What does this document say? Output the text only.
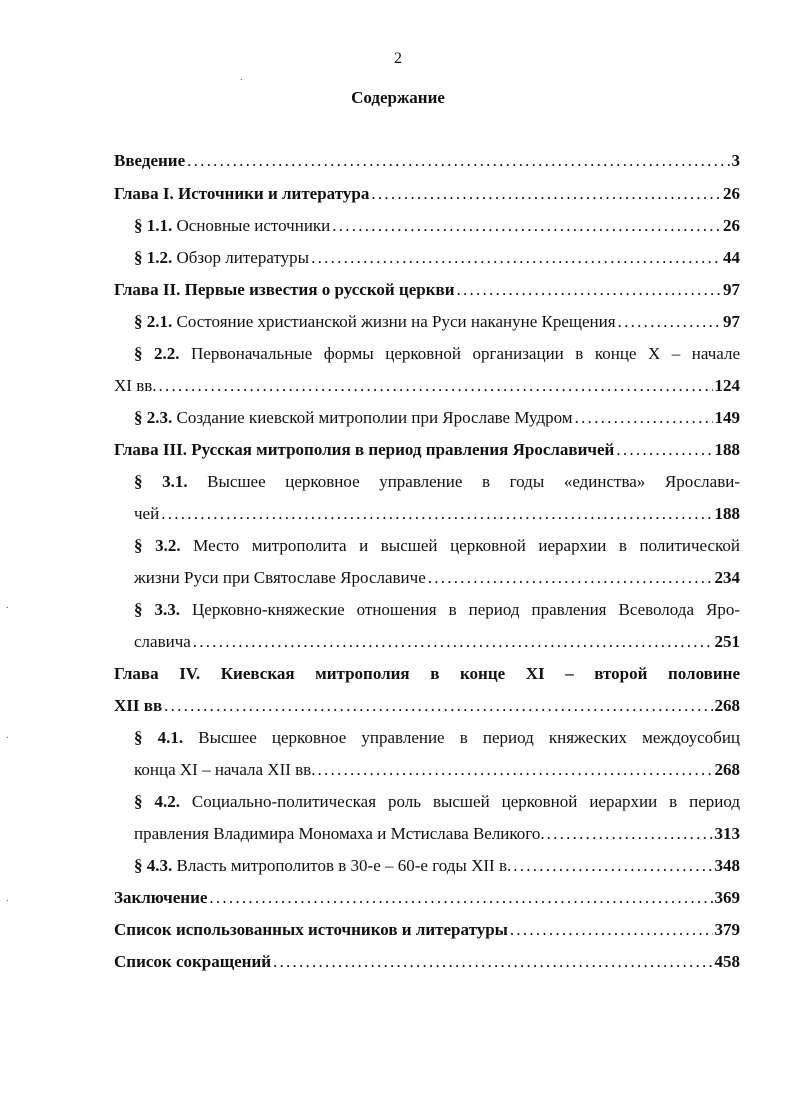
2
Содержание
.
.
.
.
Введение . . .	3
Глава I. Источники и литература . . .	26
§ 1.1. Основные источники . . .	26
§ 1.2. Обзор литературы . . .	44
Глава II. Первые известия о русской церкви . . .	97
§ 2.1. Состояние христианской жизни на Руси накануне Крещения . . .	97
§ 2.2. Первоначальные формы церковной организации в конце X – начале
XI вв. . . .	124
§ 2.3. Создание киевской митрополии при Ярославе Мудром . . .	149
Глава III. Русская митрополия в период правления Ярославичей . . .	188
§ 3.1. Высшее церковное управление в годы «единства» Ярослави-
чей . . .	188
§ 3.2. Место митрополита и высшей церковной иерархии в политической
жизни Руси при Святославе Ярославиче . . .	234
§ 3.3. Церковно-княжеские отношения в период правления Всеволода Яро-
славича . . .	251
Глава IV. Киевская митрополия в конце XI – второй половине
XII вв . . .	268
§ 4.1. Высшее церковное управление в период княжеских междоусобиц
конца XI – начала XII вв. . . .	268
§ 4.2. Социально-политическая роль высшей церковной иерархии в период
правления Владимира Мономаха и Мстислава Великого. . . .	313
§ 4.3. Власть митрополитов в 30-е – 60-е годы XII в. . . .	348
Заключение . . .	369
Список использованных источников и литературы . . .	379
Список сокращений . . .	458
